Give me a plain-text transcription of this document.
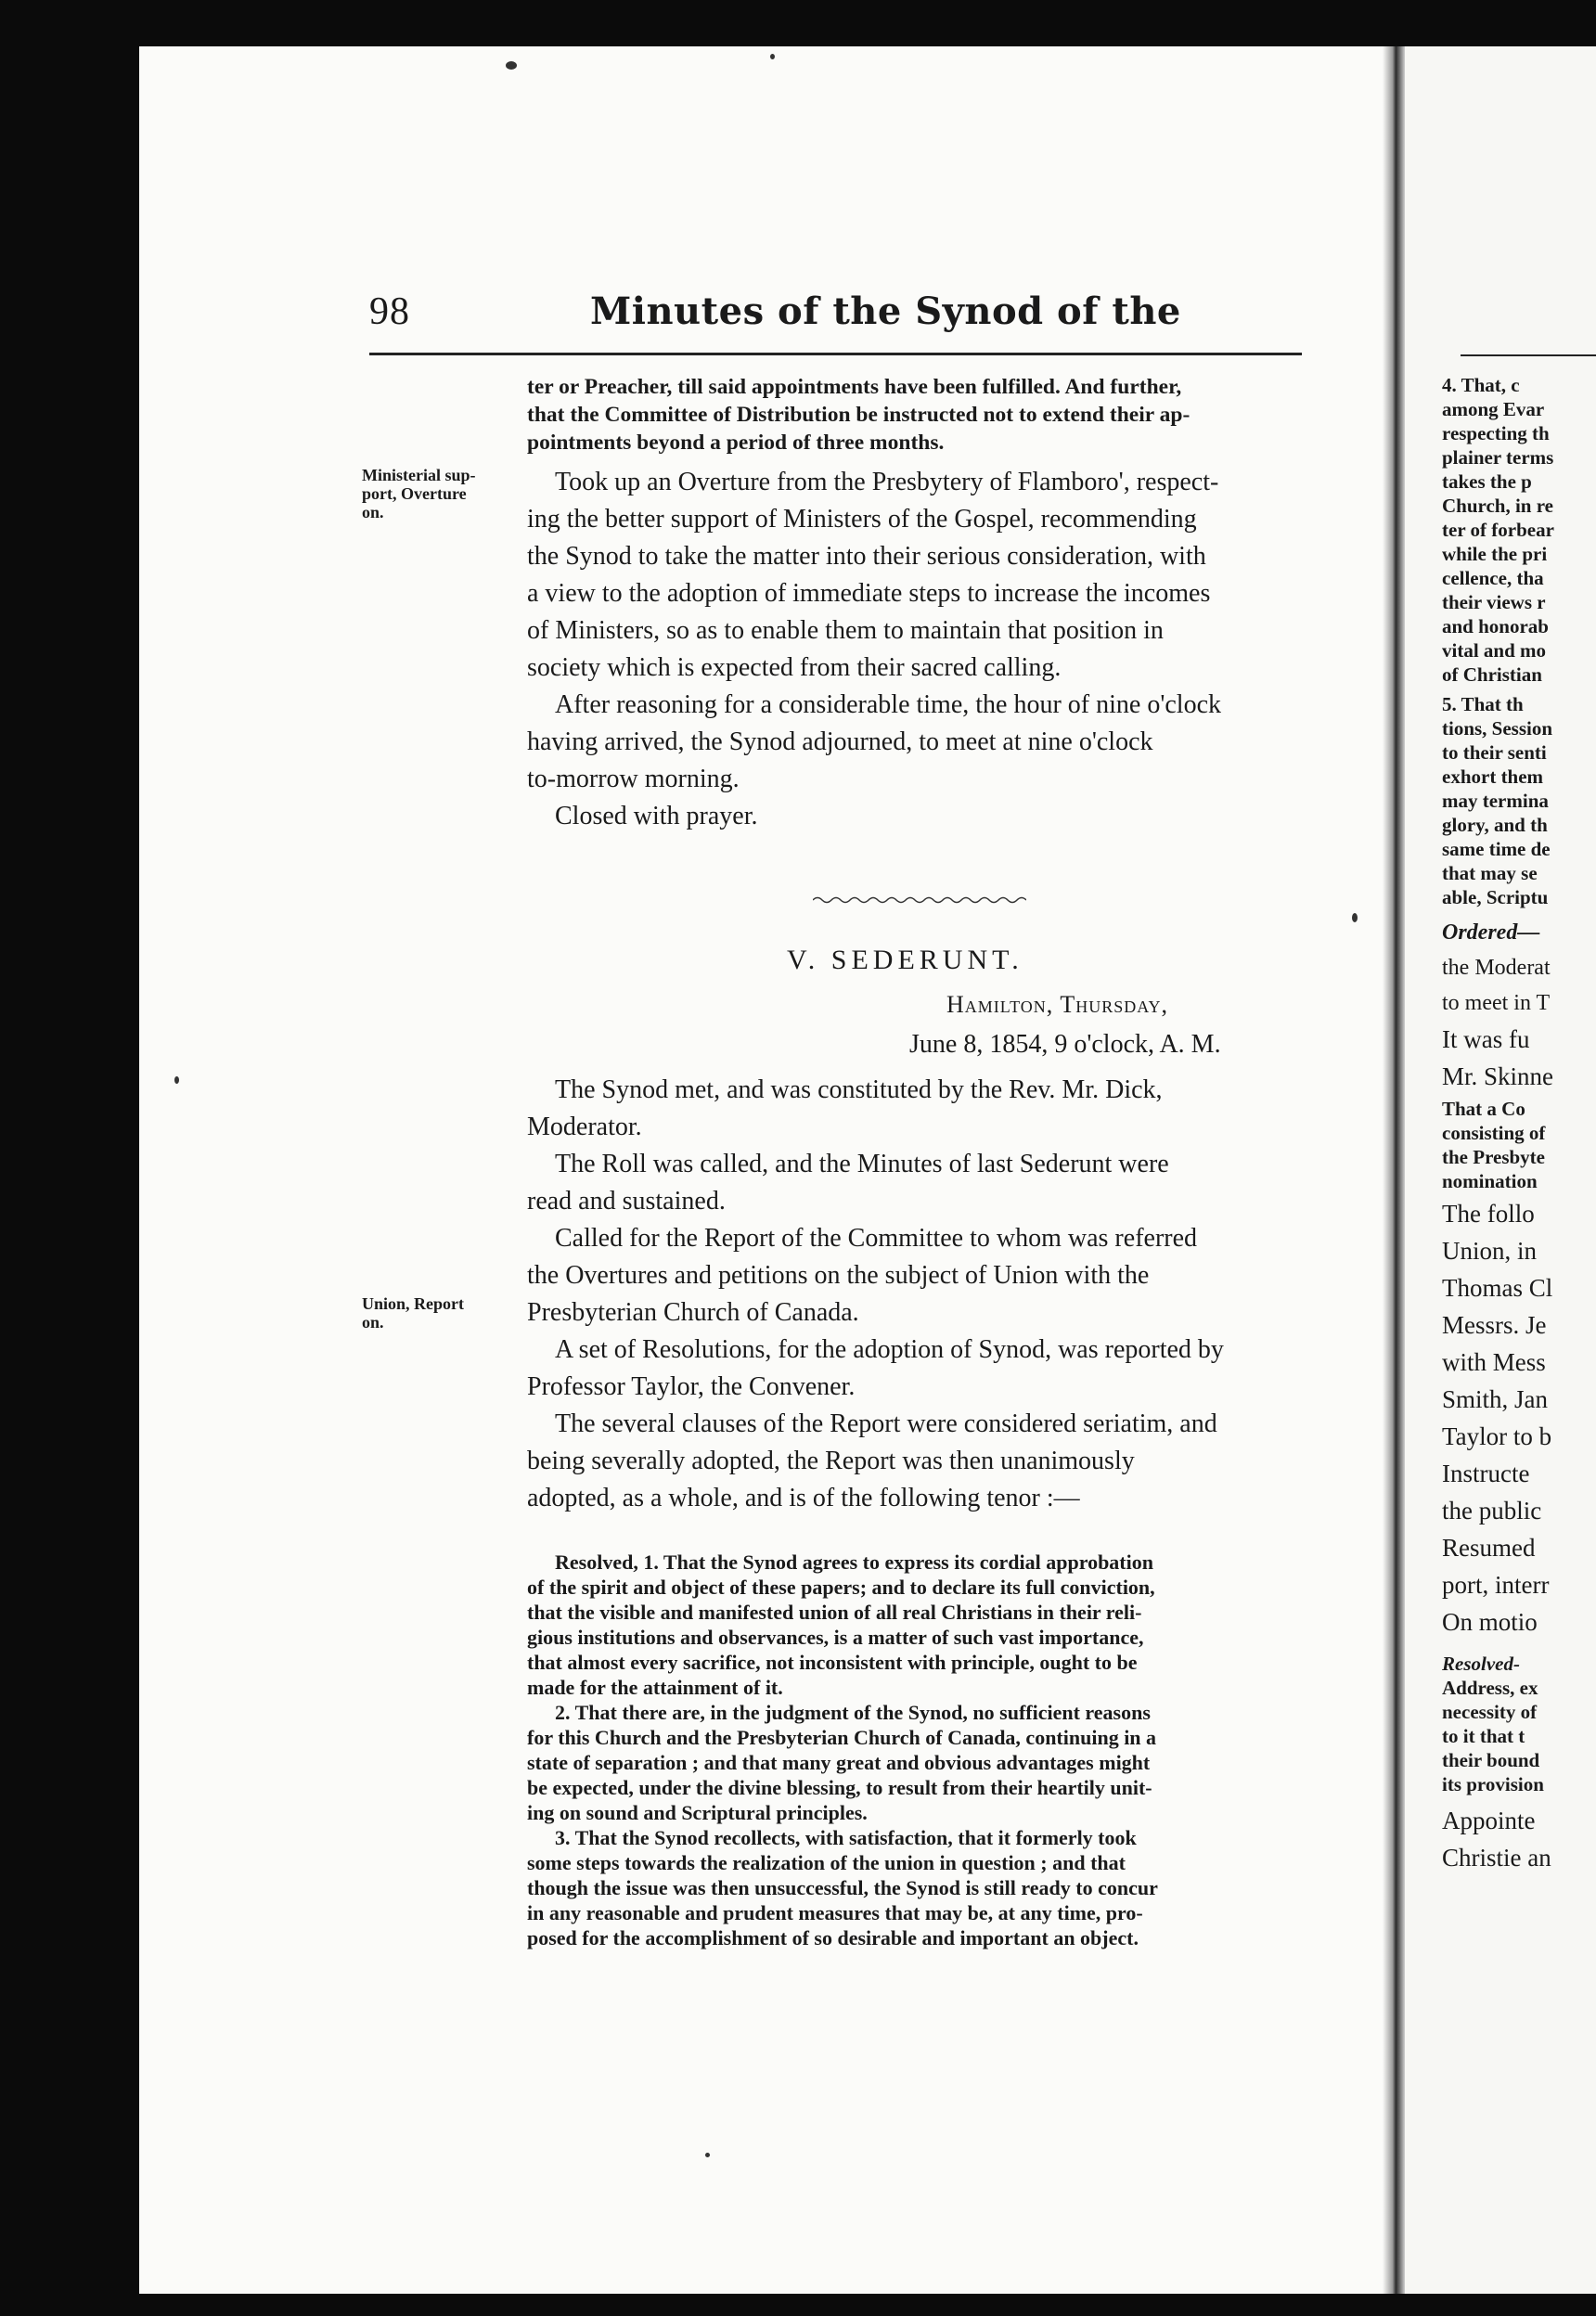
98	Minutes of the Synod of the
Ministerial sup-
port, Overture
on.
Union, Report
on.
ter or Preacher, till said appointments have been fulfilled. And further,
that the Committee of Distribution be instructed not to extend their ap-
pointments beyond a period of three months.
Took up an Overture from the Presbytery of Flamboro', respect-
ing the better support of Ministers of the Gospel, recommending
the Synod to take the matter into their serious consideration, with
a view to the adoption of immediate steps to increase the incomes
of Ministers, so as to enable them to maintain that position in
society which is expected from their sacred calling.
After reasoning for a considerable time, the hour of nine o'clock
having arrived, the Synod adjourned, to meet at nine o'clock
to-morrow morning.
Closed with prayer.
V. SEDERUNT.
Hamilton, Thursday,
June 8, 1854, 9 o'clock, A. M.
The Synod met, and was constituted by the Rev. Mr. Dick,
Moderator.
The Roll was called, and the Minutes of last Sederunt were
read and sustained.
Called for the Report of the Committee to whom was referred
the Overtures and petitions on the subject of Union with the
Presbyterian Church of Canada.
A set of Resolutions, for the adoption of Synod, was reported by
Professor Taylor, the Convener.
The several clauses of the Report were considered seriatim, and
being severally adopted, the Report was then unanimously
adopted, as a whole, and is of the following tenor :—
Resolved, 1. That the Synod agrees to express its cordial approbation
of the spirit and object of these papers; and to declare its full conviction,
that the visible and manifested union of all real Christians in their reli-
gious institutions and observances, is a matter of such vast importance,
that almost every sacrifice, not inconsistent with principle, ought to be
made for the attainment of it.
2. That there are, in the judgment of the Synod, no sufficient reasons
for this Church and the Presbyterian Church of Canada, continuing in a
state of separation ; and that many great and obvious advantages might
be expected, under the divine blessing, to result from their heartily unit-
ing on sound and Scriptural principles.
3. That the Synod recollects, with satisfaction, that it formerly took
some steps towards the realization of the union in question ; and that
though the issue was then unsuccessful, the Synod is still ready to concur
in any reasonable and prudent measures that may be, at any time, pro-
posed for the accomplishment of so desirable and important an object.
4. That, c
among Evar
respecting th
plainer terms
takes the p
Church, in re
ter of forbear
while the pri
cellence, tha
their views r
and honorab
vital and mo
of Christian
5. That th
tions, Session
to their senti
exhort them
may termina
glory, and th
same time de
that may se
able, Scriptu
Ordered—
the Moderat
to meet in T
It was fu
Mr. Skinne
That a Co
consisting of
the Presbyte
nomination
The follo
Union, in
Thomas Cl
Messrs. Je
with Mess
Smith, Jan
Taylor to b
Instructe
the public
Resumed
port, interr
On motio
Resolved-
Address, ex
necessity of
to it that t
their bound
its provision
Appointe
Christie an
